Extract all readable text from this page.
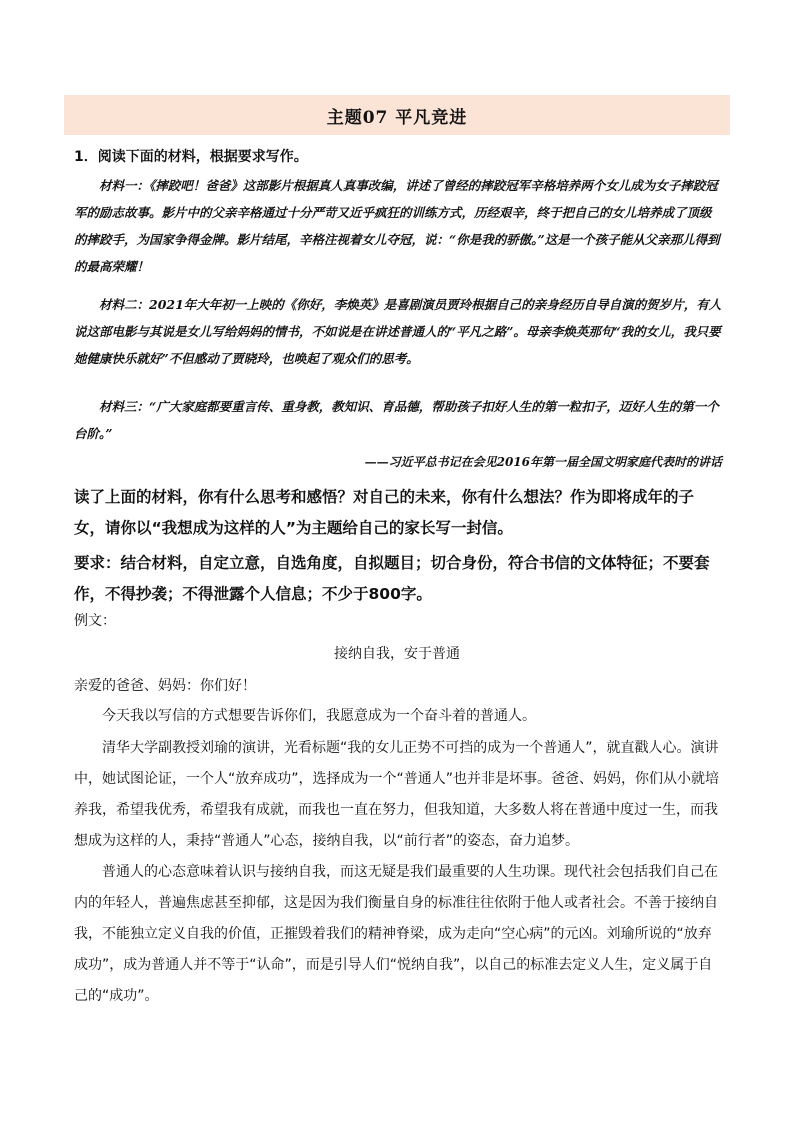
主题07 平凡竞进
1．阅读下面的材料，根据要求写作。
材料一：《摔跤吧！爸爸》这部影片根据真人真事改编，讲述了曾经的摔跤冠军辛格培养两个女儿成为女子摔跤冠军的励志故事。影片中的父亲辛格通过十分严苛又近乎疯狂的训练方式，历经艰辛，终于把自己的女儿培养成了顶级的摔跤手，为国家争得金牌。影片结尾，辛格注视着女儿夺冠，说：“你是我的骄傲。”这是一个孩子能从父亲那儿得到的最高荣耀！
材料二：2021年大年初一上映的《你好，李焕英》是喜剧演员贾玲根据自己的亲身经历自导自演的贺岁片，有人说这部电影与其说是女儿写给妈妈的情书，不如说是在讲述普通人的“平凡之路”。母亲李焕英那句“我的女儿，我只要她健康快乐就好”不但感动了贾晓玲，也唤起了观众们的思考。
材料三：“广大家庭都要重言传、重身教，教知识、育品德，帮助孩子扣好人生的第一粒扣子，迈好人生的第一个台阶。”
——习近平总书记在会见2016年第一届全国文明家庭代表时的讲话
读了上面的材料，你有什么思考和感悟？对自己的未来，你有什么想法？作为即将成年的子女，请你以“我想成为这样的人”为主题给自己的家长写一封信。
要求：结合材料，自定立意，自选角度，自拟题目；切合身份，符合书信的文体特征；不要套作，不得抄袭；不得泄露个人信息；不少于800字。
例文：
接纳自我，安于普通
亲爱的爸爸、妈妈：你们好！
今天我以写信的方式想要告诉你们，我愿意成为一个奋斗着的普通人。
清华大学副教授刘瑜的演讲，光看标题“我的女儿正势不可挡的成为一个普通人”，就直戳人心。演讲中，她试图论证，一个人“放弃成功”，选择成为一个“普通人”也并非是坏事。爸爸、妈妈，你们从小就培养我，希望我优秀，希望我有成就，而我也一直在努力，但我知道，大多数人将在普通中度过一生，而我想成为这样的人，秉持“普通人”心态，接纳自我，以“前行者”的姿态，奋力追梦。
普通人的心态意味着认识与接纳自我，而这无疑是我们最重要的人生功课。现代社会包括我们自己在内的年轻人，普遍焦虑甚至抑郁，这是因为我们衡量自身的标准往往依附于他人或者社会。不善于接纳自我，不能独立定义自我的价值，正摧毁着我们的精神脊梁，成为走向“空心病”的元凶。刘瑜所说的“放弃成功”，成为普通人并不等于“认命”，而是引导人们“悦纳自我”，以自己的标准去定义人生，定义属于自己的“成功”。
